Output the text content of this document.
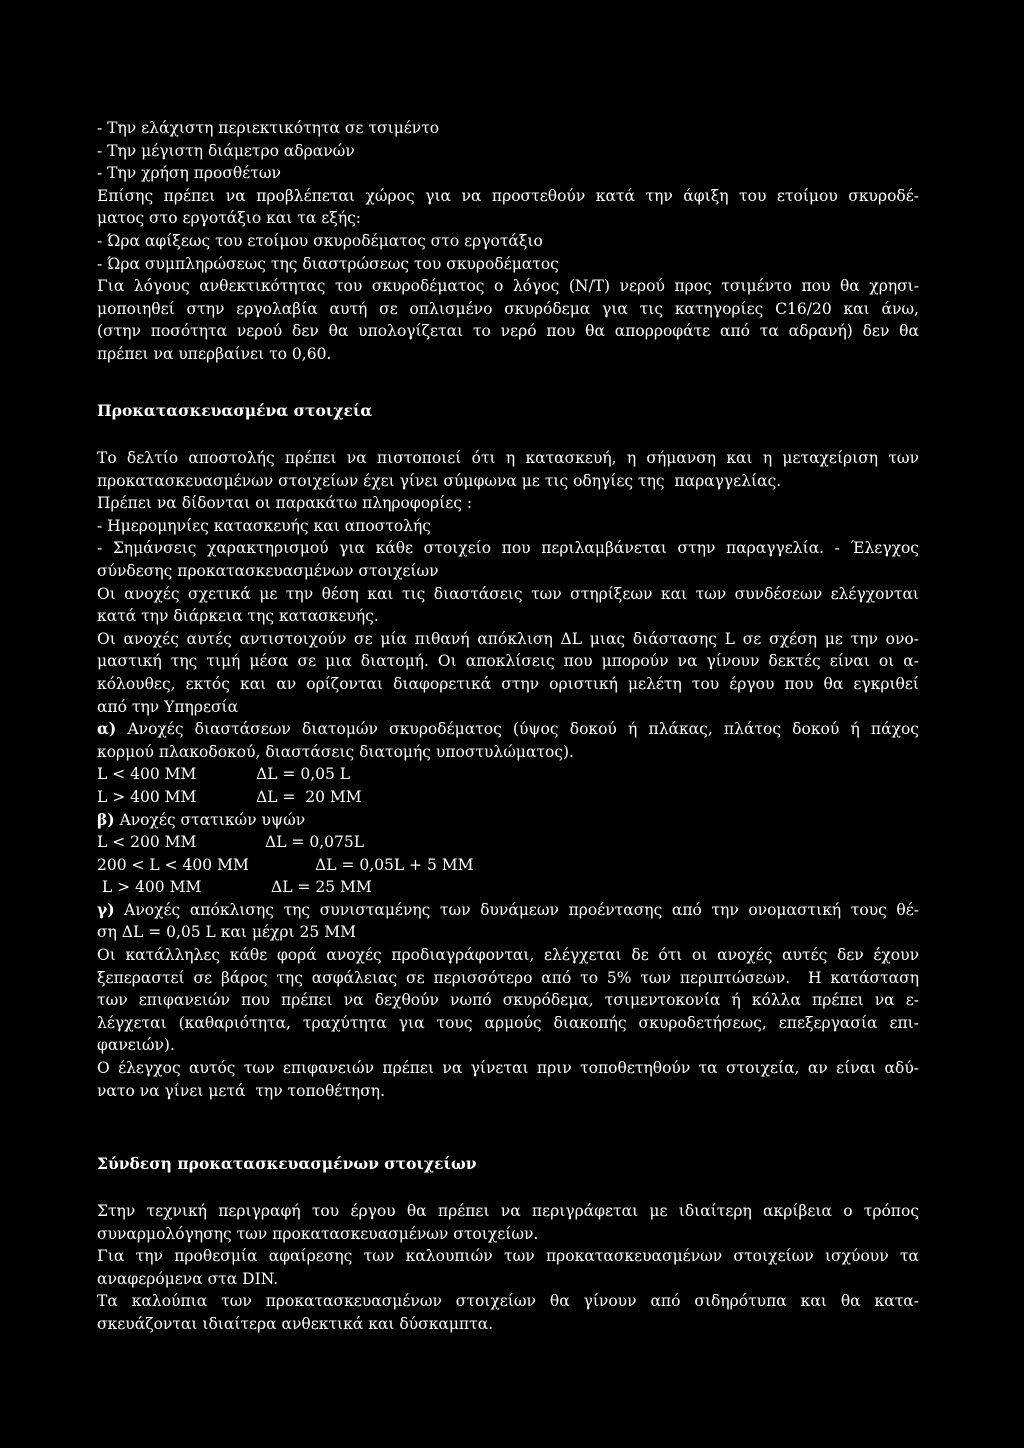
- Την ελάχιστη περιεκτικότητα σε τσιμέντο
- Την μέγιστη διάμετρο αδρανών
- Την χρήση προσθέτων
Επίσης πρέπει να προβλέπεται χώρος για να προστεθούν κατά την άφιξη του ετοίμου σκυροδέ-
ματος στο εργοτάξιο και τα εξής:
- Ώρα αφίξεως του ετοίμου σκυροδέματος στο εργοτάξιο
- Ώρα συμπληρώσεως της διαστρώσεως του σκυροδέματος
Για λόγους ανθεκτικότητας του σκυροδέματος ο λόγος (N/T) νερού προς τσιμέντο που θα χρησι-
μοποιηθεί στην εργολαβία αυτή σε οπλισμένο σκυρόδεμα για τις κατηγορίες C16/20 και άνω,
(στην ποσότητα νερού δεν θα υπολογίζεται το νερό που θα απορροφάτε από τα αδρανή) δεν θα
πρέπει να υπερβαίνει το 0,60.
Προκατασκευασμένα στοιχεία
Το δελτίο αποστολής πρέπει να πιστοποιεί ότι η κατασκευή, η σήμανση και η μεταχείριση των
προκατασκευασμένων στοιχείων έχει γίνει σύμφωνα με τις οδηγίες της  παραγγελίας.
Πρέπει να δίδονται οι παρακάτω πληροφορίες :
- Ημερομηνίες κατασκευής και αποστολής
- Σημάνσεις χαρακτηρισμού για κάθε στοιχείο που περιλαμβάνεται στην παραγγελία. - Έλεγχος
σύνδεσης προκατασκευασμένων στοιχείων
Οι ανοχές σχετικά με την θέση και τις διαστάσεις των στηρίξεων και των συνδέσεων ελέγχονται
κατά την διάρκεια της κατασκευής.
Οι ανοχές αυτές αντιστοιχούν σε μία πιθανή απόκλιση ΔL μιας διάστασης L σε σχέση με την ονο-
μαστική της τιμή μέσα σε μια διατομή. Οι αποκλίσεις που μπορούν να γίνουν δεκτές είναι οι α-
κόλουθες, εκτός και αν ορίζονται διαφορετικά στην οριστική μελέτη του έργου που θα εγκριθεί
από την Υπηρεσία
α) Ανοχές διαστάσεων διατομών σκυροδέματος (ύψος δοκού ή πλάκας, πλάτος δοκού ή πάχος
κορμού πλακοδοκού, διαστάσεις διατομής υποστυλώματος).
L < 400 ΜΜ	ΔL = 0,05 L
L > 400 ΜΜ	ΔL =  20 ΜΜ
β) Ανοχές στατικών υψών
L < 200 ΜΜ	ΔL = 0,075L
200 < L < 400 ΜΜ	ΔL = 0,05L + 5 ΜΜ
L > 400 ΜΜ	ΔL = 25 ΜΜ
γ) Ανοχές απόκλισης της συνισταμένης των δυνάμεων προέντασης από την ονομαστική τους θέ-
ση ΔL = 0,05 L και μέχρι 25 ΜΜ
Οι κατάλληλες κάθε φορά ανοχές προδιαγράφονται, ελέγχεται δε ότι οι ανοχές αυτές δεν έχουν
ξεπεραστεί σε βάρος της ασφάλειας σε περισσότερο από το 5% των περιπτώσεων.  Η κατάσταση
των επιφανειών που πρέπει να δεχθούν νωπό σκυρόδεμα, τσιμεντοκονία ή κόλλα πρέπει να ε-
λέγχεται (καθαριότητα, τραχύτητα για τους αρμούς διακοπής σκυροδετήσεως, επεξεργασία επι-
φανειών).
Ο έλεγχος αυτός των επιφανειών πρέπει να γίνεται πριν τοποθετηθούν τα στοιχεία, αν είναι αδύ-
νατο να γίνει μετά  την τοποθέτηση.
Σύνδεση προκατασκευασμένων στοιχείων
Στην τεχνική περιγραφή του έργου θα πρέπει να περιγράφεται με ιδιαίτερη ακρίβεια ο τρόπος
συναρμολόγησης των προκατασκευασμένων στοιχείων.
Για την προθεσμία αφαίρεσης των καλουπιών των προκατασκευασμένων στοιχείων ισχύουν τα
αναφερόμενα στα DIN.
Τα καλούπια των προκατασκευασμένων στοιχείων θα γίνουν από σιδηρότυπα και θα κατα-
σκευάζονται ιδιαίτερα ανθεκτικά και δύσκαμπτα.
